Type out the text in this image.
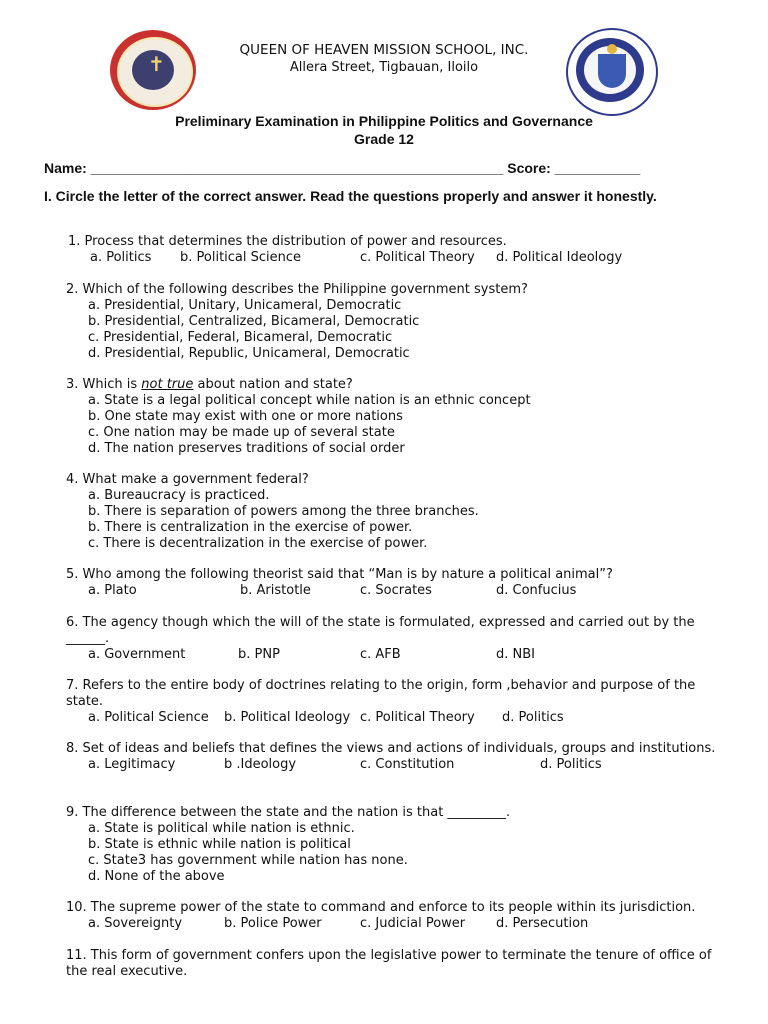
✝
QUEEN OF HEAVEN MISSION SCHOOL, INC.
Allera Street, Tigbauan, Iloilo
Preliminary Examination in Philippine Politics and Governance
Grade 12
Name: _____________________________________________________ Score: ___________
I. Circle the letter of the correct answer. Read the questions properly and answer it honestly.
1. Process that determines the distribution of power and resources.
a. Politics b. Political Science	c. Political Theory d. Political Ideology
2. Which of the following describes the Philippine government system?
a. Presidential, Unitary, Unicameral, Democratic
b. Presidential, Centralized, Bicameral, Democratic
c. Presidential, Federal, Bicameral, Democratic
d. Presidential, Republic, Unicameral, Democratic
3. Which is not true about nation and state?
a. State is a legal political concept while nation is an ethnic concept
b. One state may exist with one or more nations
c. One nation may be made up of several state
d. The nation preserves traditions of social order
4. What make a government federal?
a. Bureaucracy is practiced.
b. There is separation of powers among the three branches.
b. There is centralization in the exercise of power.
c. There is decentralization in the exercise of power.
5. Who among the following theorist said that “Man is by nature a political animal”?
a. Plato	b. Aristotle	c. Socrates	d. Confucius
6. The agency though which the will of the state is formulated, expressed and carried out by the ______.
a. Government	b. PNP	c. AFB	d. NBI
7. Refers to the entire body of doctrines relating to the origin, form ,behavior and purpose of the state.
a. Political Science b. Political Ideology c. Political Theory d. Politics
8. Set of ideas and beliefs that defines the views and actions of individuals, groups and institutions.
a. Legitimacy	b .Ideology	c. Constitution	d. Politics
9. The difference between the state and the nation is that _________.
a. State is political while nation is ethnic.
b. State is ethnic while nation is political
c. State3 has government while nation has none.
d. None of the above
10. The supreme power of the state to command and enforce to its people within its jurisdiction.
a. Sovereignty	b. Police Power	c. Judicial Power d. Persecution
11. This form of government confers upon the legislative power to terminate the tenure of office of the real executive.
